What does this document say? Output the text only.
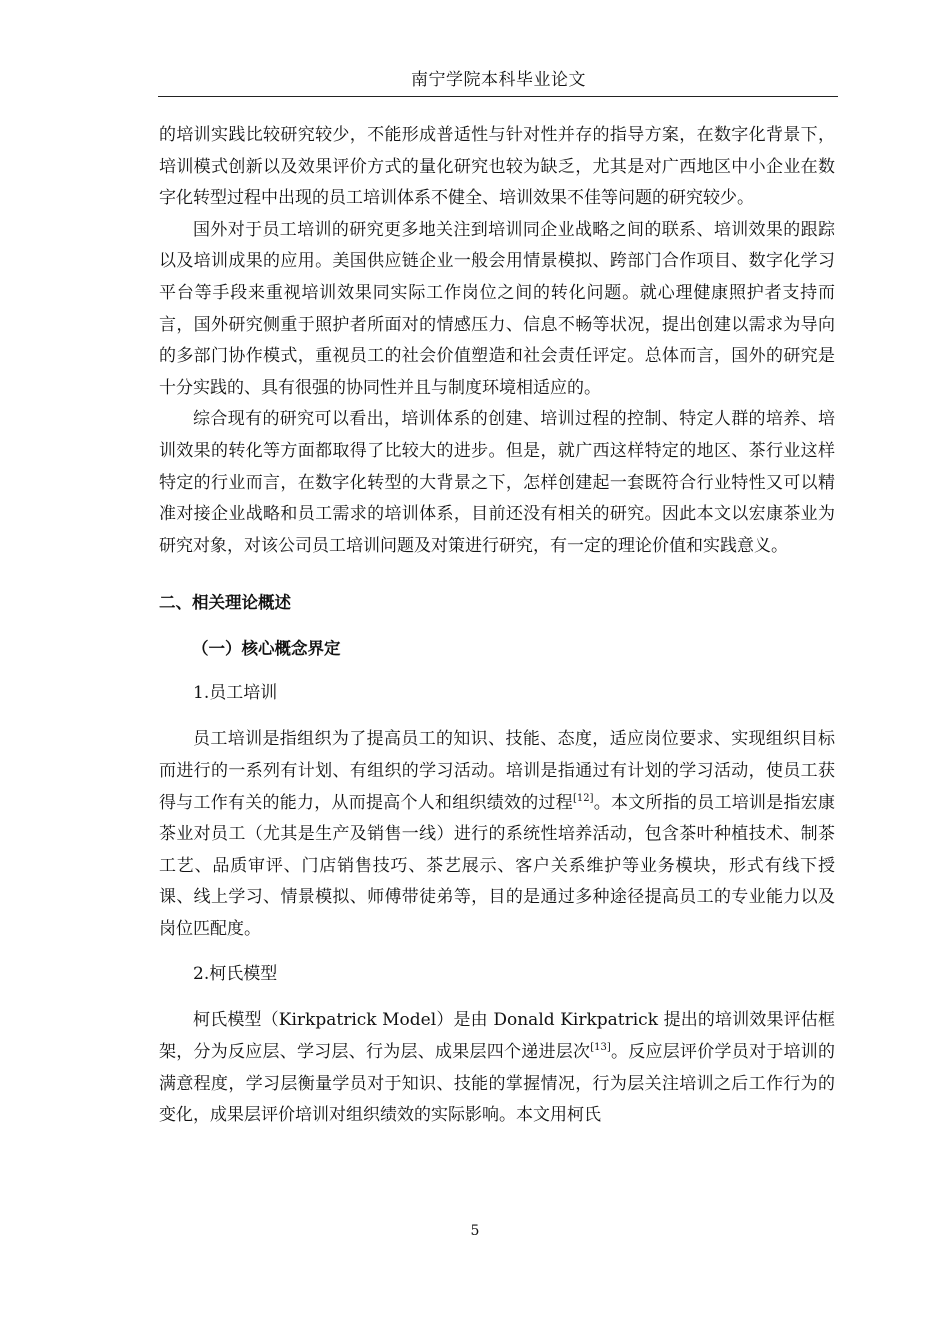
南宁学院本科毕业论文

的培训实践比较研究较少，不能形成普适性与针对性并存的指导方案，在数字化背景下，培训模式创新以及效果评价方式的量化研究也较为缺乏，尤其是对广西地区中小企业在数字化转型过程中出现的员工培训体系不健全、培训效果不佳等问题的研究较少。

国外对于员工培训的研究更多地关注到培训同企业战略之间的联系、培训效果的跟踪以及培训成果的应用。美国供应链企业一般会用情景模拟、跨部门合作项目、数字化学习平台等手段来重视培训效果同实际工作岗位之间的转化问题。就心理健康照护者支持而言，国外研究侧重于照护者所面对的情感压力、信息不畅等状况，提出创建以需求为导向的多部门协作模式，重视员工的社会价值塑造和社会责任评定。总体而言，国外的研究是十分实践的、具有很强的协同性并且与制度环境相适应的。

综合现有的研究可以看出，培训体系的创建、培训过程的控制、特定人群的培养、培训效果的转化等方面都取得了比较大的进步。但是，就广西这样特定的地区、茶行业这样特定的行业而言，在数字化转型的大背景之下，怎样创建起一套既符合行业特性又可以精准对接企业战略和员工需求的培训体系，目前还没有相关的研究。因此本文以宏康茶业为研究对象，对该公司员工培训问题及对策进行研究，有一定的理论价值和实践意义。

二、相关理论概述
（一）核心概念界定
1.员工培训

员工培训是指组织为了提高员工的知识、技能、态度，适应岗位要求、实现组织目标而进行的一系列有计划、有组织的学习活动。培训是指通过有计划的学习活动，使员工获得与工作有关的能力，从而提高个人和组织绩效的过程[12]。本文所指的员工培训是指宏康茶业对员工（尤其是生产及销售一线）进行的系统性培养活动，包含茶叶种植技术、制茶工艺、品质审评、门店销售技巧、茶艺展示、客户关系维护等业务模块，形式有线下授课、线上学习、情景模拟、师傅带徒弟等，目的是通过多种途径提高员工的专业能力以及岗位匹配度。

2.柯氏模型

柯氏模型（Kirkpatrick Model）是由 Donald Kirkpatrick 提出的培训效果评估框架，分为反应层、学习层、行为层、成果层四个递进层次[13]。反应层评价学员对于培训的满意程度，学习层衡量学员对于知识、技能的掌握情况，行为层关注培训之后工作行为的变化，成果层评价培训对组织绩效的实际影响。本文用柯氏

5
